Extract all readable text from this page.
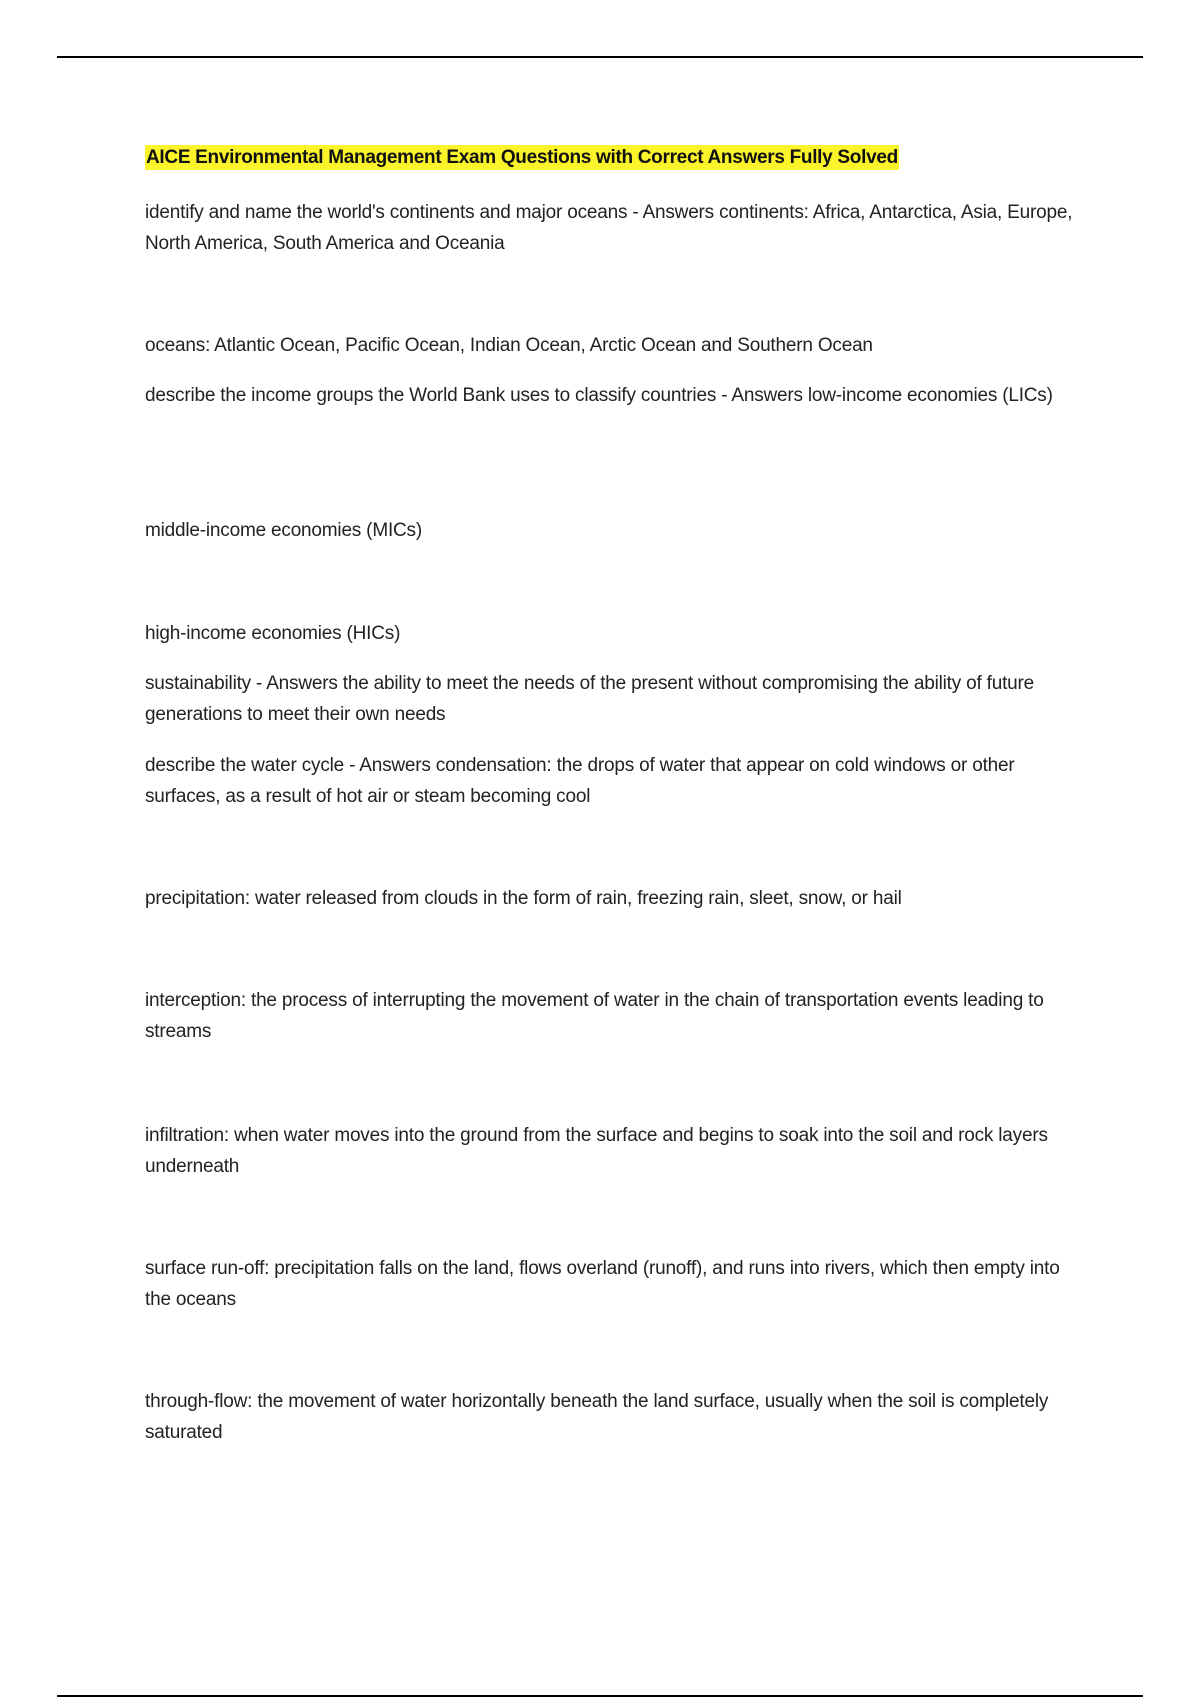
AICE Environmental Management Exam Questions with Correct Answers Fully Solved

identify and name the world's continents and major oceans - Answers continents: Africa, Antarctica, Asia, Europe, North America, South America and Oceania

oceans: Atlantic Ocean, Pacific Ocean, Indian Ocean, Arctic Ocean and Southern Ocean

describe the income groups the World Bank uses to classify countries - Answers low-income economies (LICs)

middle-income economies (MICs)

high-income economies (HICs)

sustainability - Answers the ability to meet the needs of the present without compromising the ability of future generations to meet their own needs

describe the water cycle - Answers condensation: the drops of water that appear on cold windows or other surfaces, as a result of hot air or steam becoming cool

precipitation: water released from clouds in the form of rain, freezing rain, sleet, snow, or hail

interception: the process of interrupting the movement of water in the chain of transportation events leading to streams

infiltration: when water moves into the ground from the surface and begins to soak into the soil and rock layers underneath

surface run-off: precipitation falls on the land, flows overland (runoff), and runs into rivers, which then empty into the oceans

through-flow: the movement of water horizontally beneath the land surface, usually when the soil is completely saturated
